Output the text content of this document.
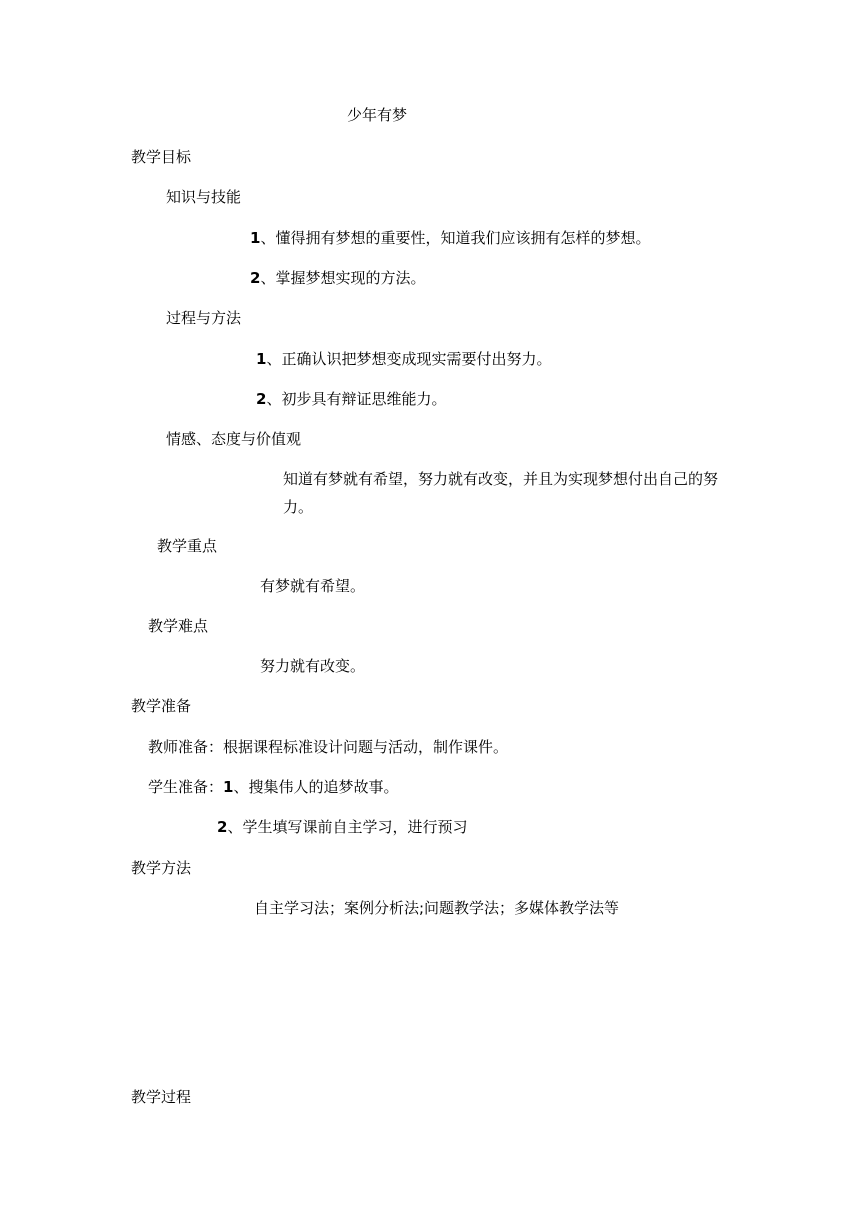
少年有梦
教学目标
知识与技能
1、懂得拥有梦想的重要性，知道我们应该拥有怎样的梦想。
2、掌握梦想实现的方法。
过程与方法
1、正确认识把梦想变成现实需要付出努力。
2、初步具有辩证思维能力。
情感、态度与价值观
知道有梦就有希望，努力就有改变，并且为实现梦想付出自己的努力。
教学重点
有梦就有希望。
教学难点
努力就有改变。
教学准备
教师准备：根据课程标准设计问题与活动，制作课件。
学生准备：1、搜集伟人的追梦故事。
2、学生填写课前自主学习，进行预习
教学方法
自主学习法；案例分析法;问题教学法；多媒体教学法等
教学过程
